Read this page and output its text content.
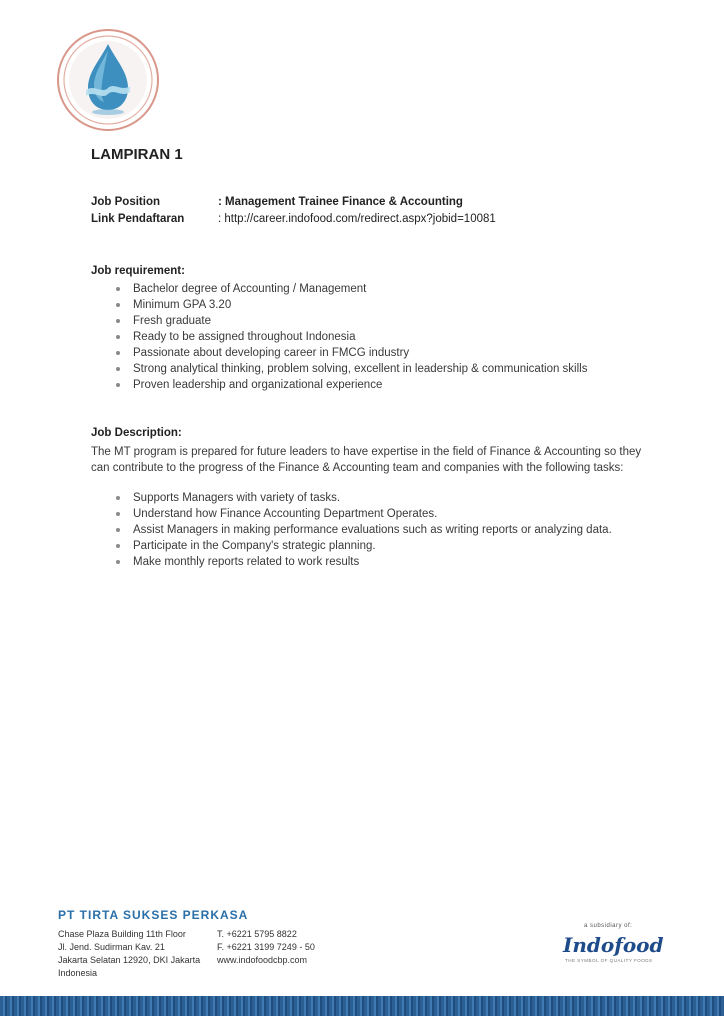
LAMPIRAN 1
Job Position	: Management Trainee Finance & Accounting
Link Pendaftaran	: http://career.indofood.com/redirect.aspx?jobid=10081
Job requirement:
Bachelor degree of Accounting / Management
Minimum GPA 3.20
Fresh graduate
Ready to be assigned throughout Indonesia
Passionate about developing career in FMCG industry
Strong analytical thinking, problem solving, excellent in leadership & communication skills
Proven leadership and organizational experience
Job Description:
The MT program is prepared for future leaders to have expertise in the field of Finance & Accounting so they can contribute to the progress of the Finance & Accounting team and companies with the following tasks:
Supports Managers with variety of tasks.
Understand how Finance Accounting Department Operates.
Assist Managers in making performance evaluations such as writing reports or analyzing data.
Participate in the Company's strategic planning.
Make monthly reports related to work results
PT TIRTA SUKSES PERKASA
Chase Plaza Building 11th Floor
Jl. Jend. Sudirman Kav. 21
Jakarta Selatan 12920, DKI Jakarta
Indonesia
T. +6221 5795 8822
F. +6221 3199 7249 - 50
www.indofoodcbp.com
a subsidiary of:
Indofood
THE SYMBOL OF QUALITY FOODS
